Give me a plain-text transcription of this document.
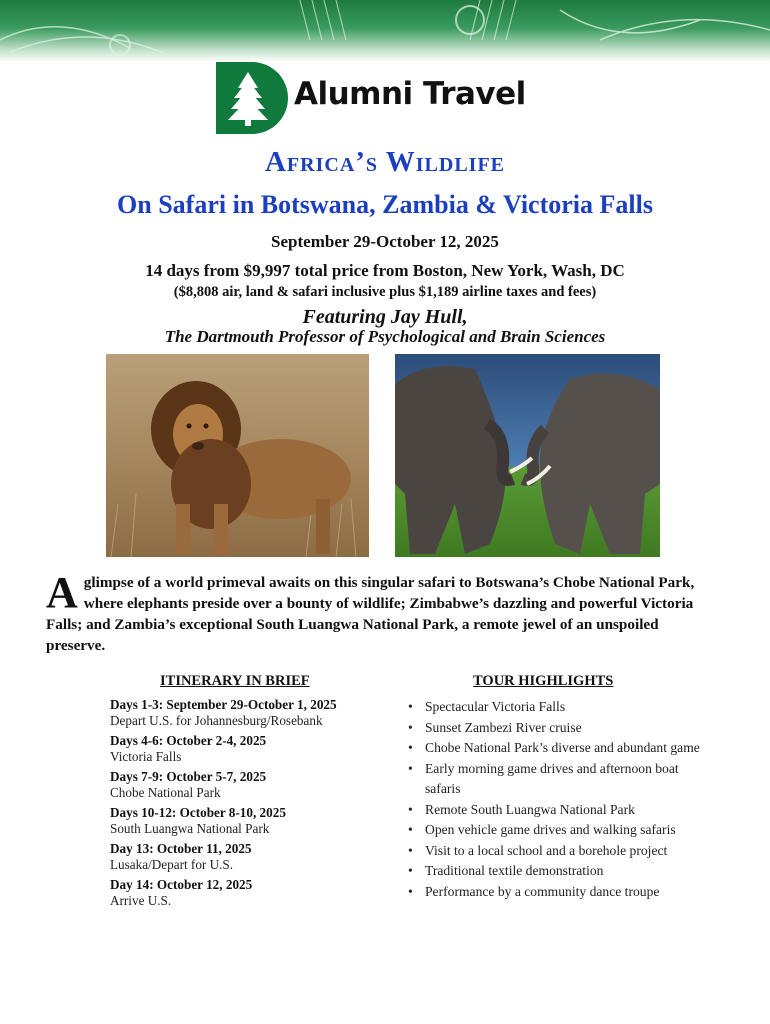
Alumni Travel
Africa’s Wildlife
On Safari in Botswana, Zambia & Victoria Falls
September 29-October 12, 2025
14 days from $9,997 total price from Boston, New York, Wash, DC
($8,808 air, land & safari inclusive plus $1,189 airline taxes and fees)
Featuring Jay Hull,
The Dartmouth Professor of Psychological and Brain Sciences
A glimpse of a world primeval awaits on this singular safari to Botswana’s Chobe National Park, where elephants preside over a bounty of wildlife; Zimbabwe’s dazzling and powerful Victoria Falls; and Zambia’s exceptional South Luangwa National Park, a remote jewel of an unspoiled preserve.
ITINERARY IN BRIEF	TOUR HIGHLIGHTS
Days 1-3: September 29-October 1, 2025
Depart U.S. for Johannesburg/Rosebank
Days 4-6: October 2-4, 2025
Victoria Falls
Days 7-9: October 5-7, 2025
Chobe National Park
Days 10-12: October 8-10, 2025
South Luangwa National Park
Day 13: October 11, 2025
Lusaka/Depart for U.S.
Day 14: October 12, 2025
Arrive U.S.
• Spectacular Victoria Falls
• Sunset Zambezi River cruise
• Chobe National Park’s diverse and abundant game
• Early morning game drives and afternoon boat safaris
• Remote South Luangwa National Park
• Open vehicle game drives and walking safaris
• Visit to a local school and a borehole project
• Traditional textile demonstration
• Performance by a community dance troupe
